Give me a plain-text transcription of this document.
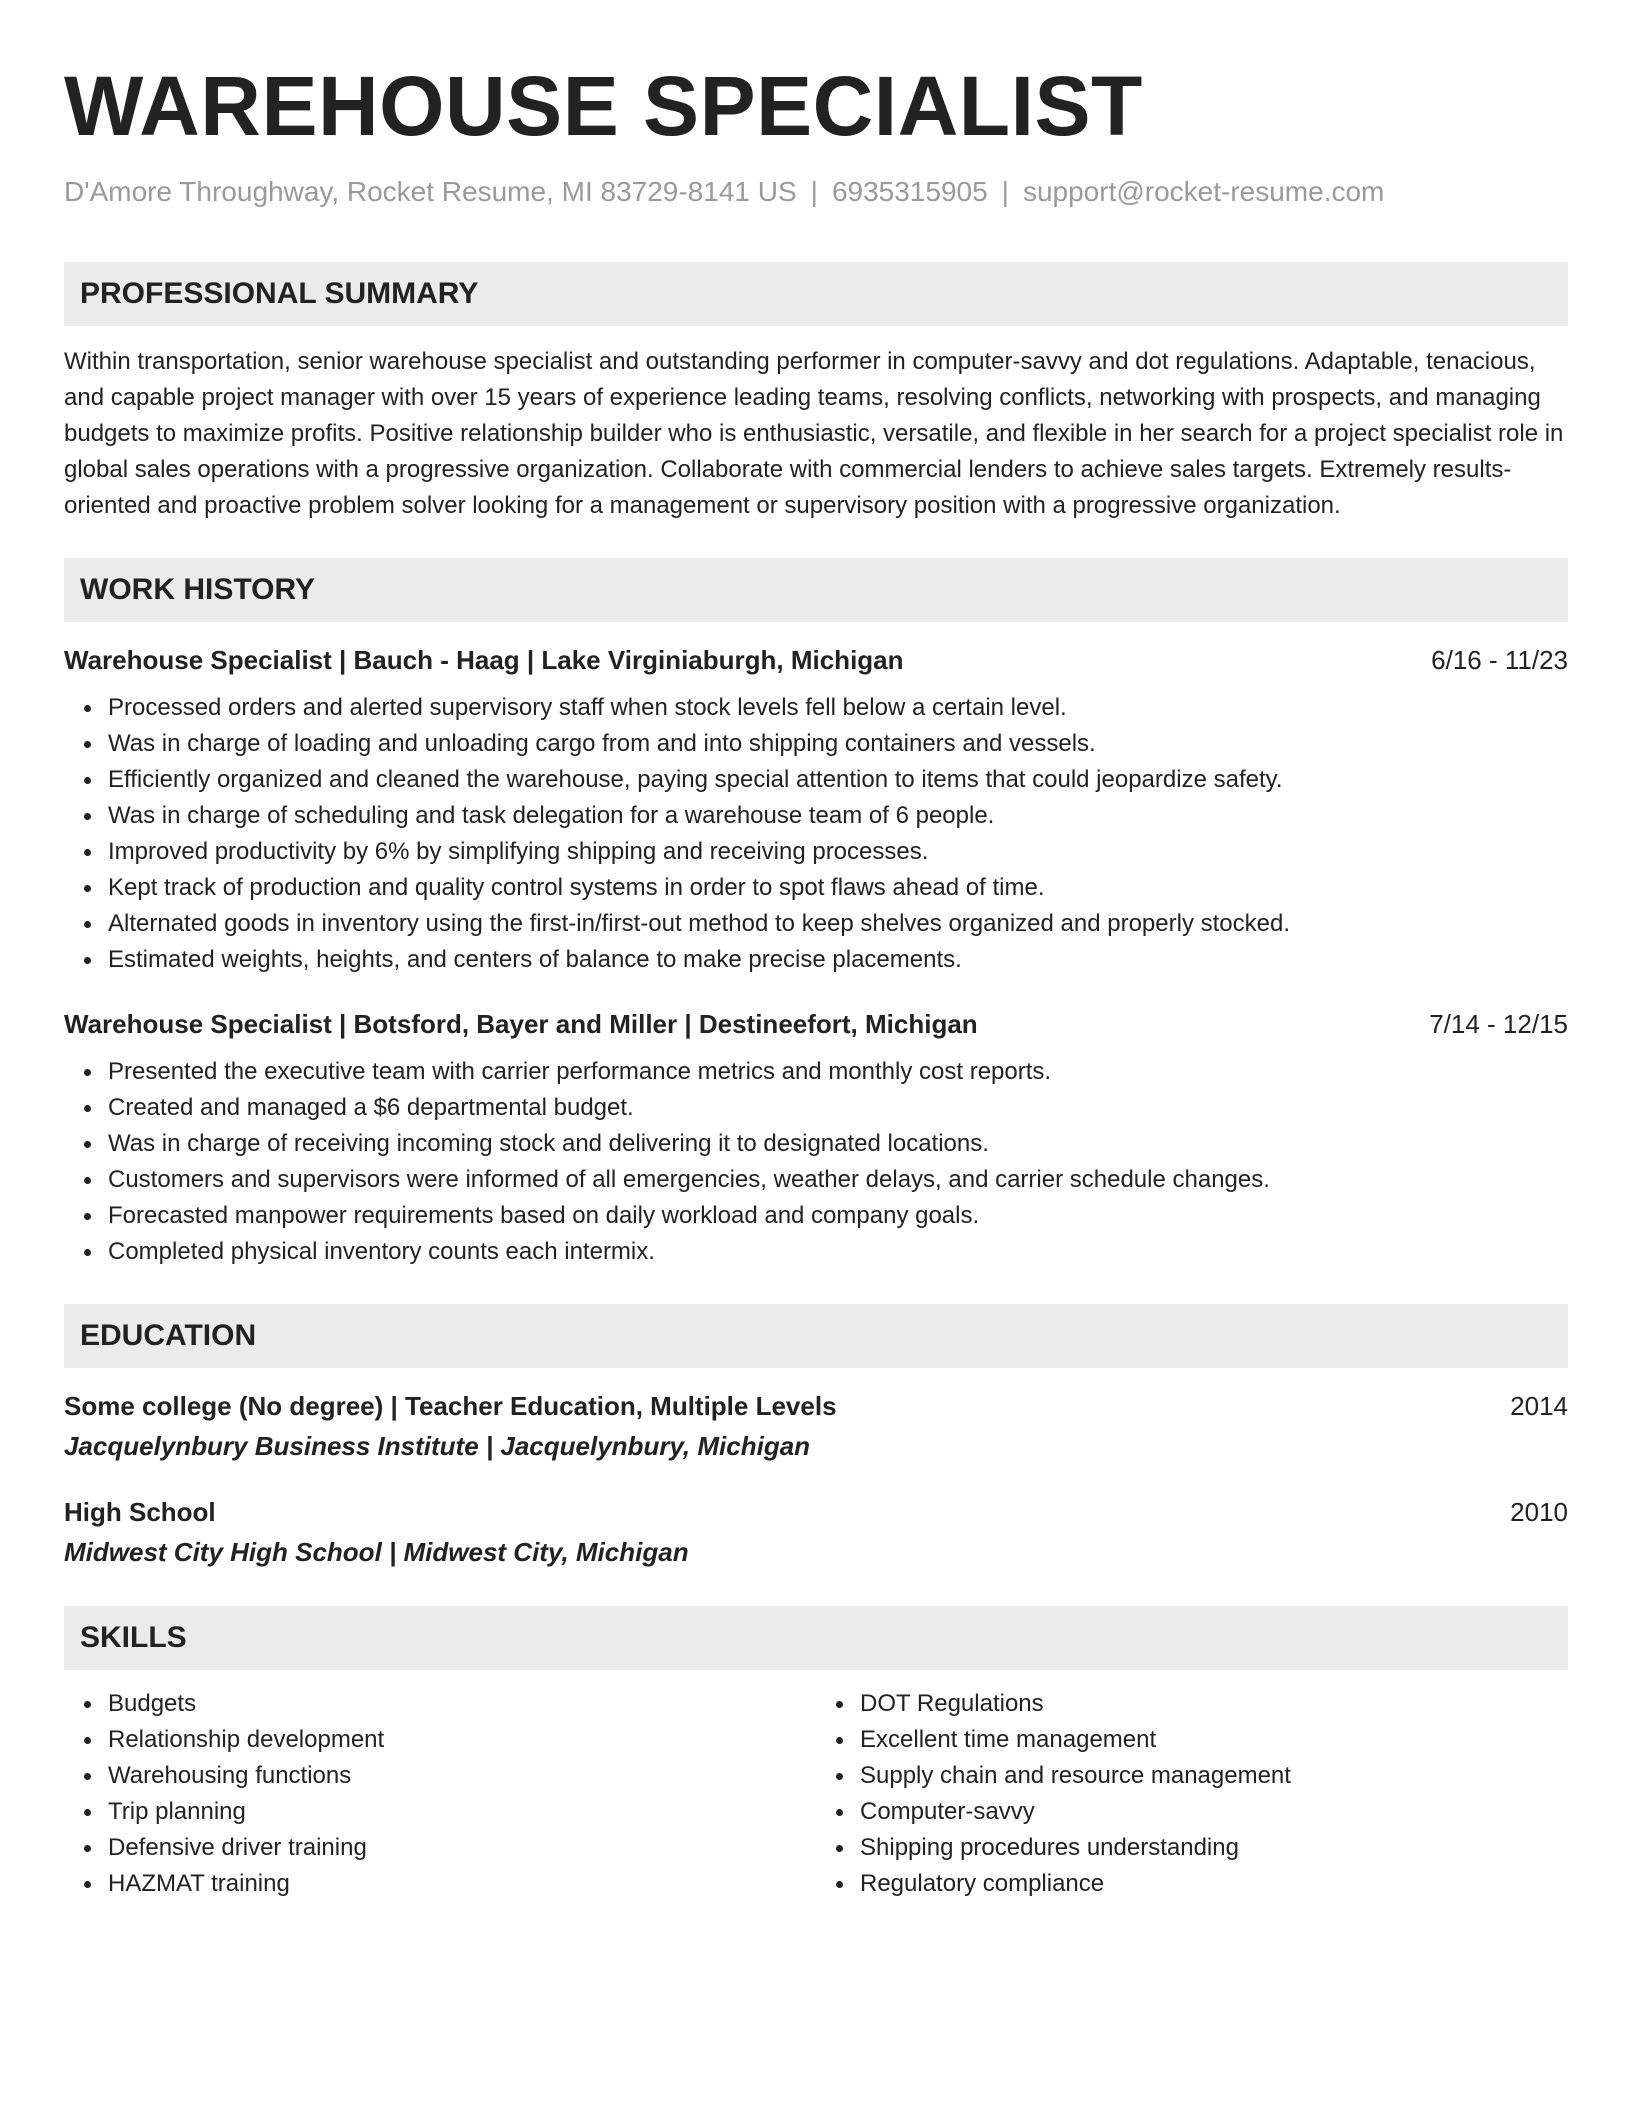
WAREHOUSE SPECIALIST
D'Amore Throughway, Rocket Resume, MI 83729-8141 US | 6935315905 | support@rocket-resume.com
PROFESSIONAL SUMMARY
Within transportation, senior warehouse specialist and outstanding performer in computer-savvy and dot regulations. Adaptable, tenacious, and capable project manager with over 15 years of experience leading teams, resolving conflicts, networking with prospects, and managing budgets to maximize profits. Positive relationship builder who is enthusiastic, versatile, and flexible in her search for a project specialist role in global sales operations with a progressive organization. Collaborate with commercial lenders to achieve sales targets. Extremely results-oriented and proactive problem solver looking for a management or supervisory position with a progressive organization.
WORK HISTORY
Warehouse Specialist | Bauch - Haag | Lake Virginiaburgh, Michigan	6/16 - 11/23
Processed orders and alerted supervisory staff when stock levels fell below a certain level.
Was in charge of loading and unloading cargo from and into shipping containers and vessels.
Efficiently organized and cleaned the warehouse, paying special attention to items that could jeopardize safety.
Was in charge of scheduling and task delegation for a warehouse team of 6 people.
Improved productivity by 6% by simplifying shipping and receiving processes.
Kept track of production and quality control systems in order to spot flaws ahead of time.
Alternated goods in inventory using the first-in/first-out method to keep shelves organized and properly stocked.
Estimated weights, heights, and centers of balance to make precise placements.
Warehouse Specialist | Botsford, Bayer and Miller | Destineefort, Michigan	7/14 - 12/15
Presented the executive team with carrier performance metrics and monthly cost reports.
Created and managed a $6 departmental budget.
Was in charge of receiving incoming stock and delivering it to designated locations.
Customers and supervisors were informed of all emergencies, weather delays, and carrier schedule changes.
Forecasted manpower requirements based on daily workload and company goals.
Completed physical inventory counts each intermix.
EDUCATION
Some college (No degree) | Teacher Education, Multiple Levels	2014
Jacquelynbury Business Institute | Jacquelynbury, Michigan
High School	2010
Midwest City High School | Midwest City, Michigan
SKILLS
Budgets
Relationship development
Warehousing functions
Trip planning
Defensive driver training
HAZMAT training
DOT Regulations
Excellent time management
Supply chain and resource management
Computer-savvy
Shipping procedures understanding
Regulatory compliance
